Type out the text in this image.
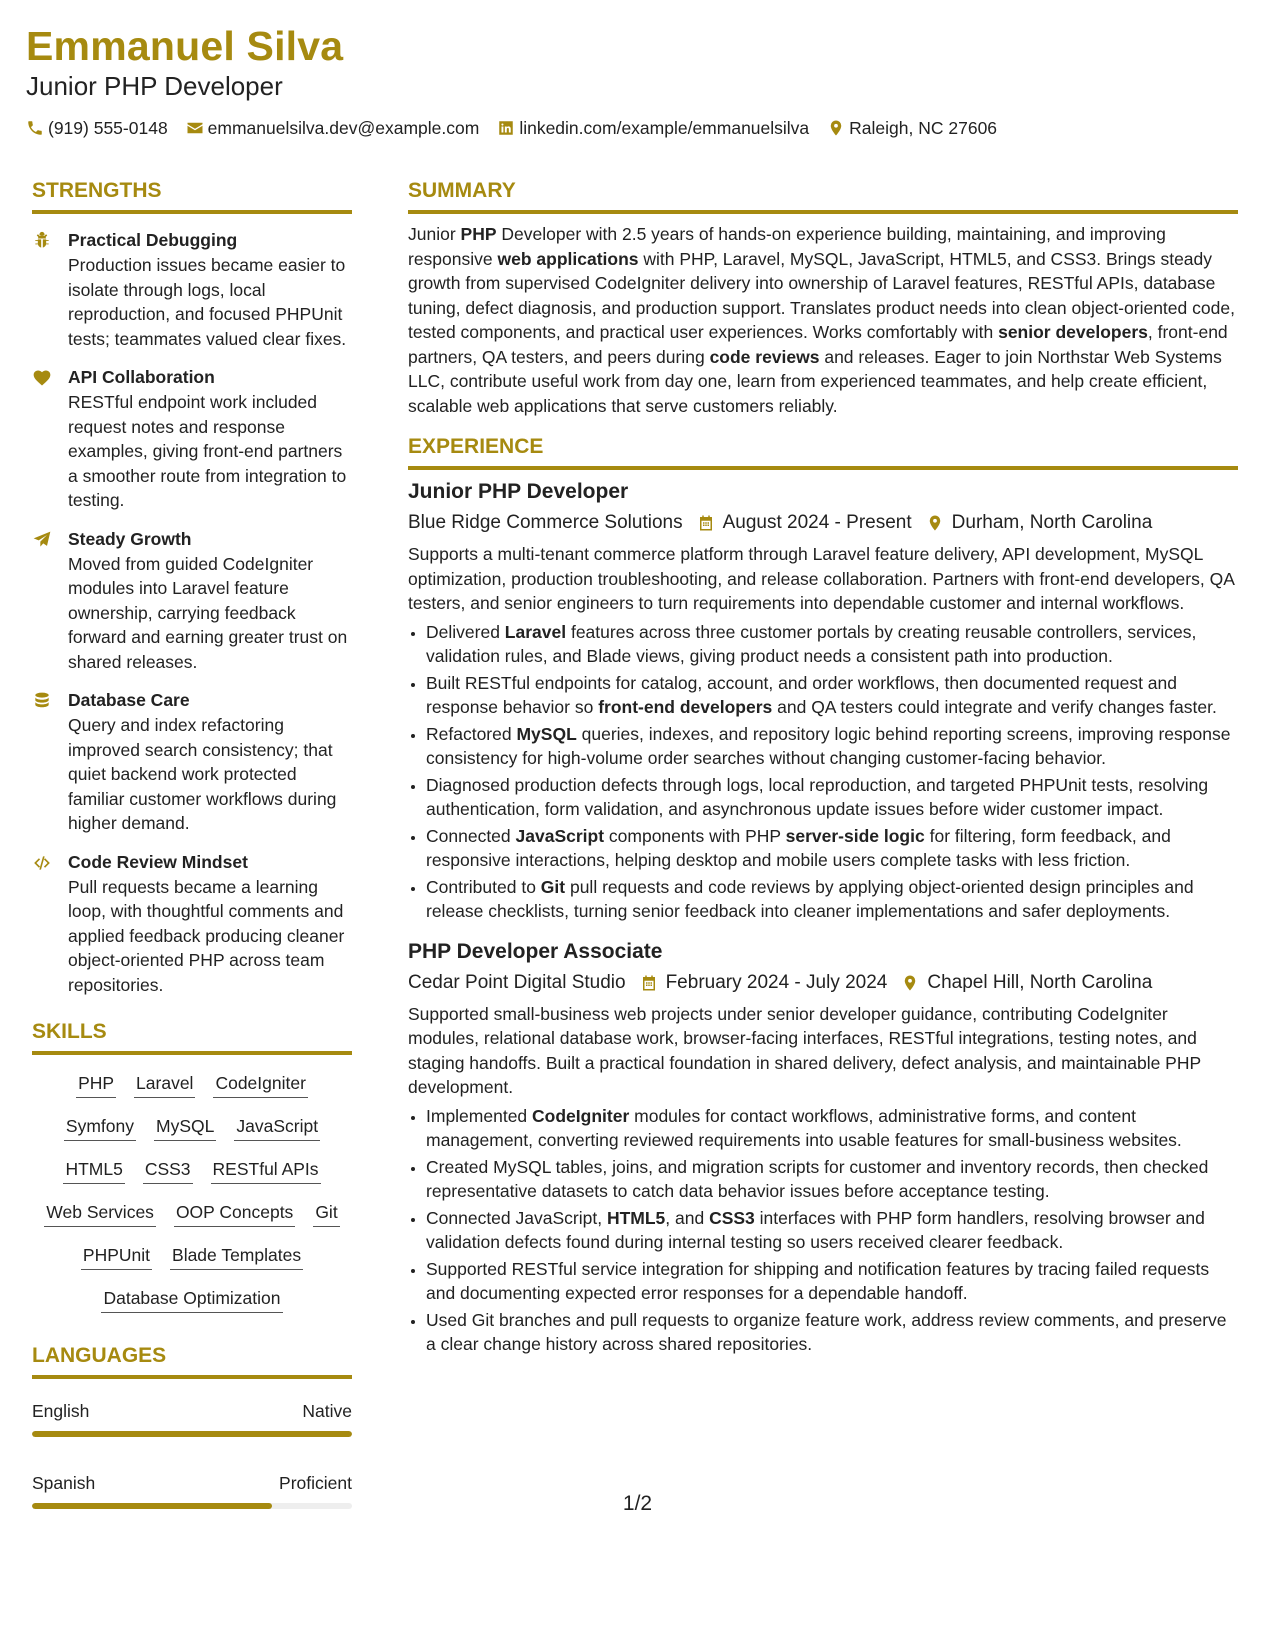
Emmanuel Silva
Junior PHP Developer
(919) 555-0148 emmanuelsilva.dev@example.com linkedin.com/example/emmanuelsilva Raleigh, NC 27606
STRENGTHS
Practical Debugging
Production issues became easier to isolate through logs, local reproduction, and focused PHPUnit tests; teammates valued clear fixes.
API Collaboration
RESTful endpoint work included request notes and response examples, giving front-end partners a smoother route from integration to testing.
Steady Growth
Moved from guided CodeIgniter modules into Laravel feature ownership, carrying feedback forward and earning greater trust on shared releases.
Database Care
Query and index refactoring improved search consistency; that quiet backend work protected familiar customer workflows during higher demand.
Code Review Mindset
Pull requests became a learning loop, with thoughtful comments and applied feedback producing cleaner object-oriented PHP across team repositories.
SKILLS
PHP Laravel CodeIgniter
Symfony MySQL JavaScript
HTML5 CSS3 RESTful APIs
Web Services OOP Concepts Git
PHPUnit Blade Templates
Database Optimization
LANGUAGES
English	Native
Spanish	Proficient
SUMMARY
Junior PHP Developer with 2.5 years of hands-on experience building, maintaining, and improving responsive web applications with PHP, Laravel, MySQL, JavaScript, HTML5, and CSS3. Brings steady growth from supervised CodeIgniter delivery into ownership of Laravel features, RESTful APIs, database tuning, defect diagnosis, and production support. Translates product needs into clean object-oriented code, tested components, and practical user experiences. Works comfortably with senior developers, front-end partners, QA testers, and peers during code reviews and releases. Eager to join Northstar Web Systems LLC, contribute useful work from day one, learn from experienced teammates, and help create efficient, scalable web applications that serve customers reliably.
EXPERIENCE
Junior PHP Developer
Blue Ridge Commerce Solutions August 2024 - Present Durham, North Carolina
Supports a multi-tenant commerce platform through Laravel feature delivery, API development, MySQL optimization, production troubleshooting, and release collaboration. Partners with front-end developers, QA testers, and senior engineers to turn requirements into dependable customer and internal workflows.
• Delivered Laravel features across three customer portals by creating reusable controllers, services, validation rules, and Blade views, giving product needs a consistent path into production.
• Built RESTful endpoints for catalog, account, and order workflows, then documented request and response behavior so front-end developers and QA testers could integrate and verify changes faster.
• Refactored MySQL queries, indexes, and repository logic behind reporting screens, improving response consistency for high-volume order searches without changing customer-facing behavior.
• Diagnosed production defects through logs, local reproduction, and targeted PHPUnit tests, resolving authentication, form validation, and asynchronous update issues before wider customer impact.
• Connected JavaScript components with PHP server-side logic for filtering, form feedback, and responsive interactions, helping desktop and mobile users complete tasks with less friction.
• Contributed to Git pull requests and code reviews by applying object-oriented design principles and release checklists, turning senior feedback into cleaner implementations and safer deployments.
PHP Developer Associate
Cedar Point Digital Studio February 2024 - July 2024 Chapel Hill, North Carolina
Supported small-business web projects under senior developer guidance, contributing CodeIgniter modules, relational database work, browser-facing interfaces, RESTful integrations, testing notes, and staging handoffs. Built a practical foundation in shared delivery, defect analysis, and maintainable PHP development.
• Implemented CodeIgniter modules for contact workflows, administrative forms, and content management, converting reviewed requirements into usable features for small-business websites.
• Created MySQL tables, joins, and migration scripts for customer and inventory records, then checked representative datasets to catch data behavior issues before acceptance testing.
• Connected JavaScript, HTML5, and CSS3 interfaces with PHP form handlers, resolving browser and validation defects found during internal testing so users received clearer feedback.
• Supported RESTful service integration for shipping and notification features by tracing failed requests and documenting expected error responses for a dependable handoff.
• Used Git branches and pull requests to organize feature work, address review comments, and preserve a clear change history across shared repositories.
1/2
